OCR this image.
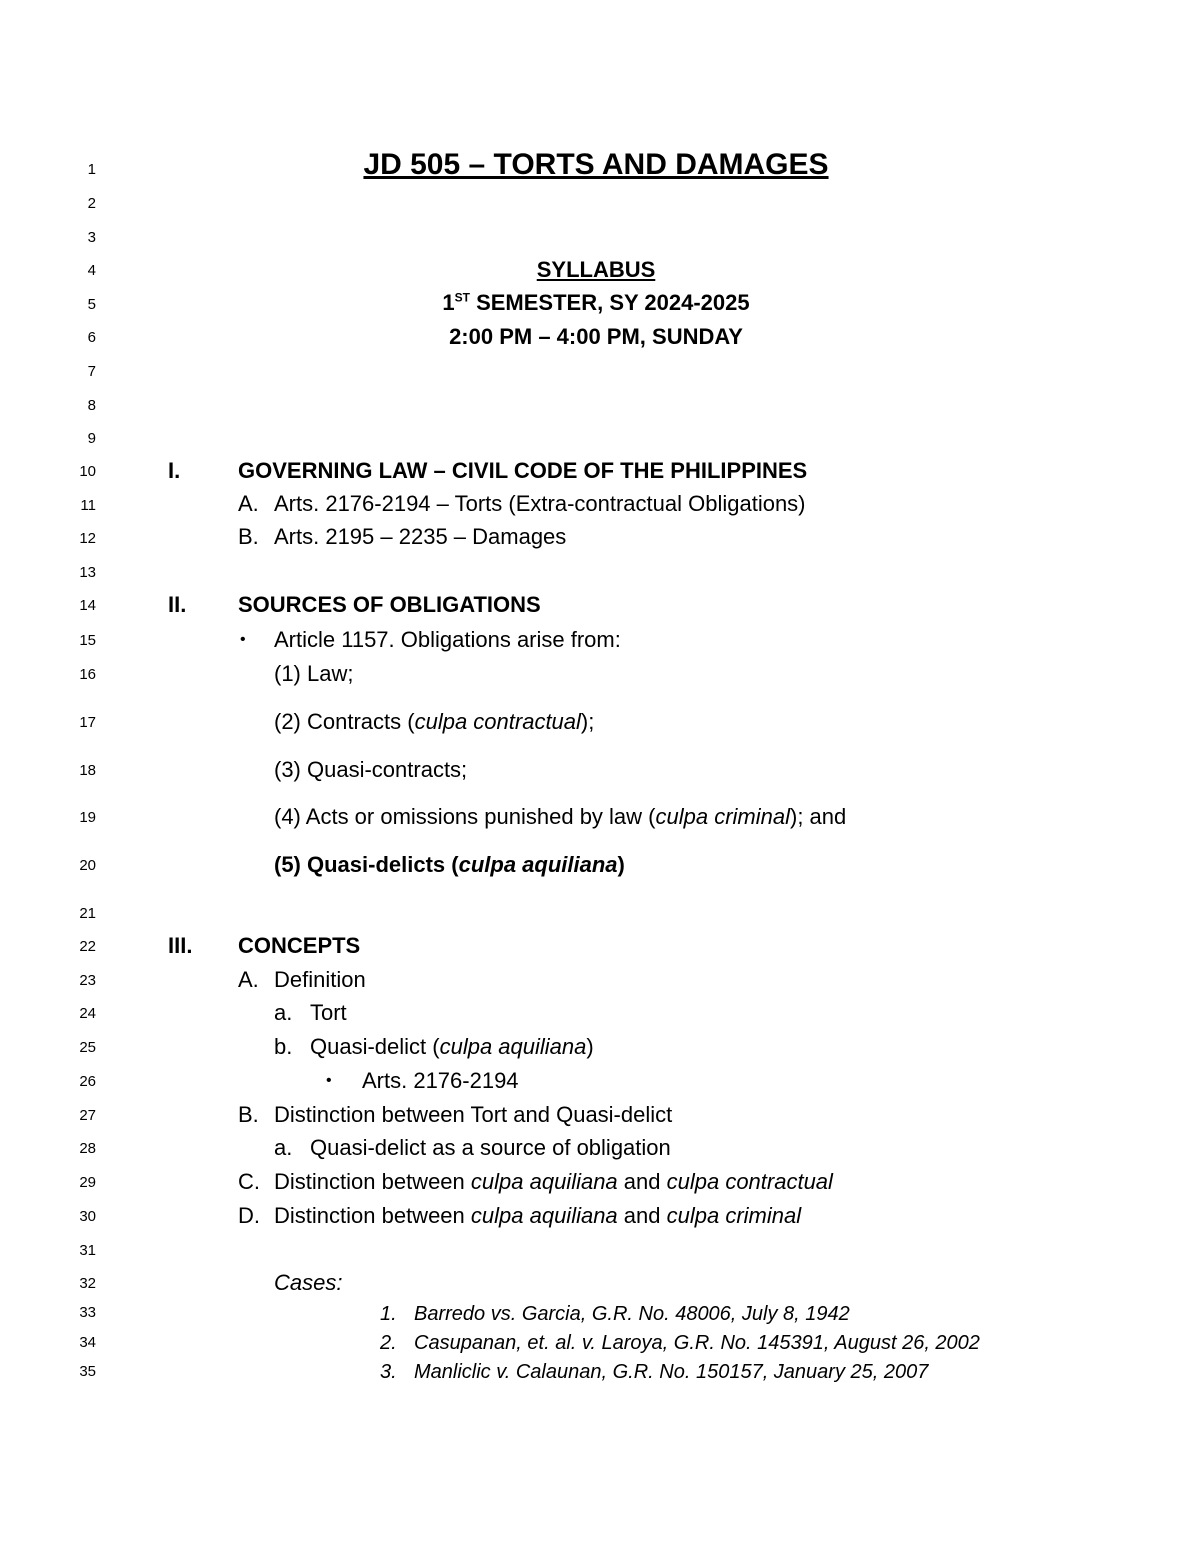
1
2
3
4
5
6
7
8
9
10
11
12
13
14
15
16
17
18
19
20
21
22
23
24
25
26
27
28
29
30
31
32
33
34
35
JD 505 – TORTS AND DAMAGES
SYLLABUS
1ST SEMESTER, SY 2024-2025
2:00 PM – 4:00 PM, SUNDAY
I.	GOVERNING LAW – CIVIL CODE OF THE PHILIPPINES
A. Arts. 2176-2194 – Torts (Extra-contractual Obligations)
B. Arts. 2195 – 2235 – Damages
II. SOURCES OF OBLIGATIONS
• Article 1157. Obligations arise from:
(1) Law;
(2) Contracts (culpa contractual);
(3) Quasi-contracts;
(4) Acts or omissions punished by law (culpa criminal); and
(5) Quasi-delicts (culpa aquiliana)
III. CONCEPTS
A. Definition
a. Tort
b. Quasi-delict (culpa aquiliana)
• Arts. 2176-2194
B. Distinction between Tort and Quasi-delict
a. Quasi-delict as a source of obligation
C. Distinction between culpa aquiliana and culpa contractual
D. Distinction between culpa aquiliana and culpa criminal
Cases:
1. Barredo vs. Garcia, G.R. No. 48006, July 8, 1942
2. Casupanan, et. al. v. Laroya, G.R. No. 145391, August 26, 2002
3. Manliclic v. Calaunan, G.R. No. 150157, January 25, 2007
